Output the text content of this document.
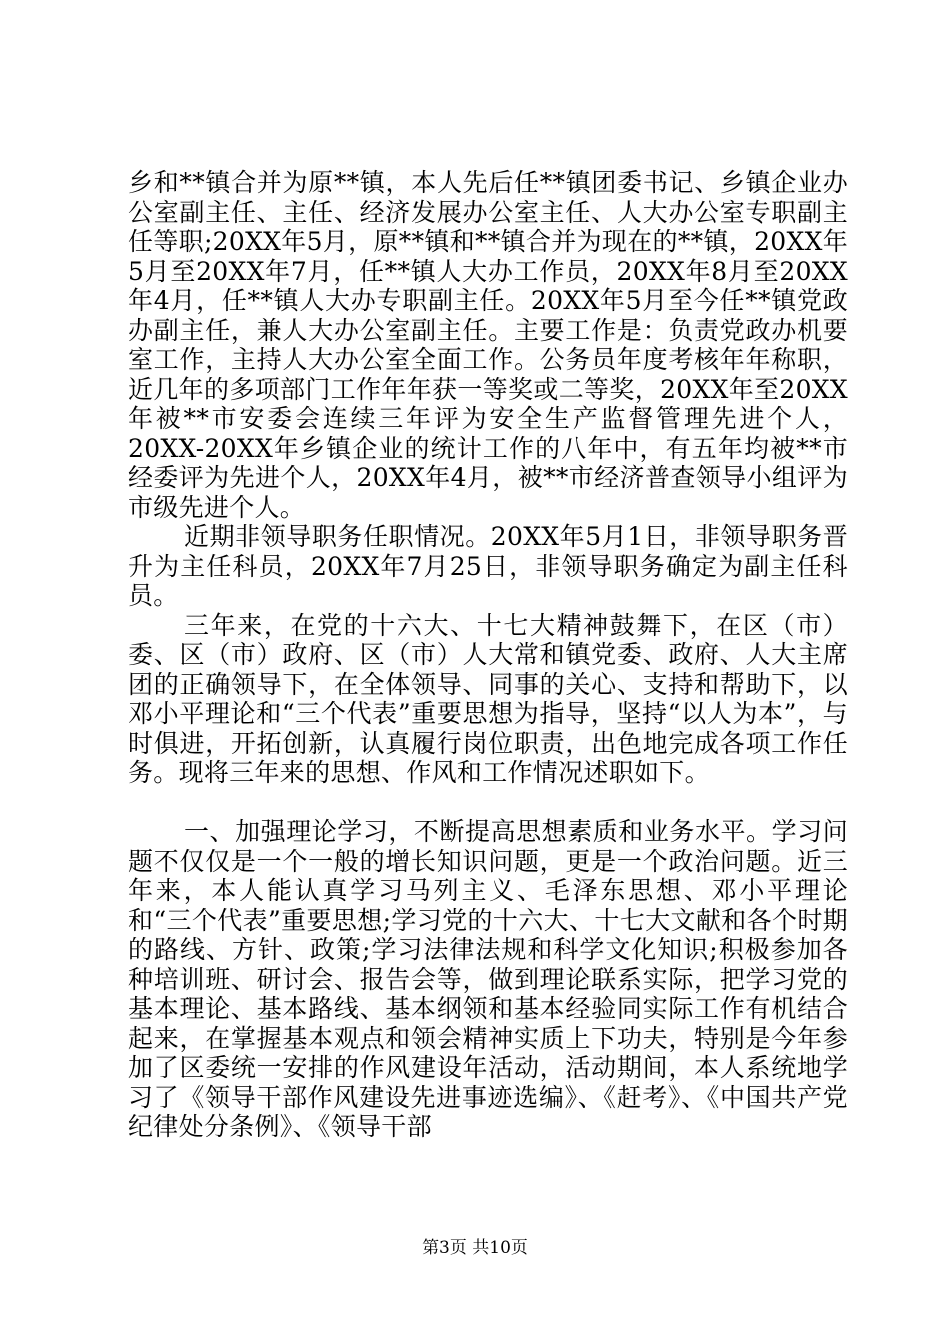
乡和**镇合并为原**镇，本人先后任**镇团委书记、乡镇企业办公室副主任、主任、经济发展办公室主任、人大办公室专职副主任等职;20XX年5月，原**镇和**镇合并为现在的**镇，20XX年5月至20XX年7月，任**镇人大办工作员，20XX年8月至20XX年4月，任**镇人大办专职副主任。20XX年5月至今任**镇党政办副主任，兼人大办公室副主任。主要工作是：负责党政办机要室工作，主持人大办公室全面工作。公务员年度考核年年称职，近几年的多项部门工作年年获一等奖或二等奖，20XX年至20XX年被**市安委会连续三年评为安全生产监督管理先进个人，20XX-20XX年乡镇企业的统计工作的八年中，有五年均被**市经委评为先进个人，20XX年4月，被**市经济普查领导小组评为市级先进个人。

近期非领导职务任职情况。20XX年5月1日，非领导职务晋升为主任科员，20XX年7月25日，非领导职务确定为副主任科员。

三年来，在党的十六大、十七大精神鼓舞下，在区（市）委、区（市）政府、区（市）人大常和镇党委、政府、人大主席团的正确领导下，在全体领导、同事的关心、支持和帮助下，以邓小平理论和“三个代表”重要思想为指导，坚持“以人为本”，与时俱进，开拓创新，认真履行岗位职责，出色地完成各项工作任务。现将三年来的思想、作风和工作情况述职如下。

一、加强理论学习，不断提高思想素质和业务水平。学习问题不仅仅是一个一般的增长知识问题，更是一个政治问题。近三年来，本人能认真学习马列主义、毛泽东思想、邓小平理论和“三个代表”重要思想;学习党的十六大、十七大文献和各个时期的路线、方针、政策;学习法律法规和科学文化知识;积极参加各种培训班、研讨会、报告会等，做到理论联系实际，把学习党的基本理论、基本路线、基本纲领和基本经验同实际工作有机结合起来，在掌握基本观点和领会精神实质上下功夫，特别是今年参加了区委统一安排的作风建设年活动，活动期间，本人系统地学习了《领导干部作风建设先进事迹选编》、《赶考》、《中国共产党纪律处分条例》、《领导干部

第3页 共10页
